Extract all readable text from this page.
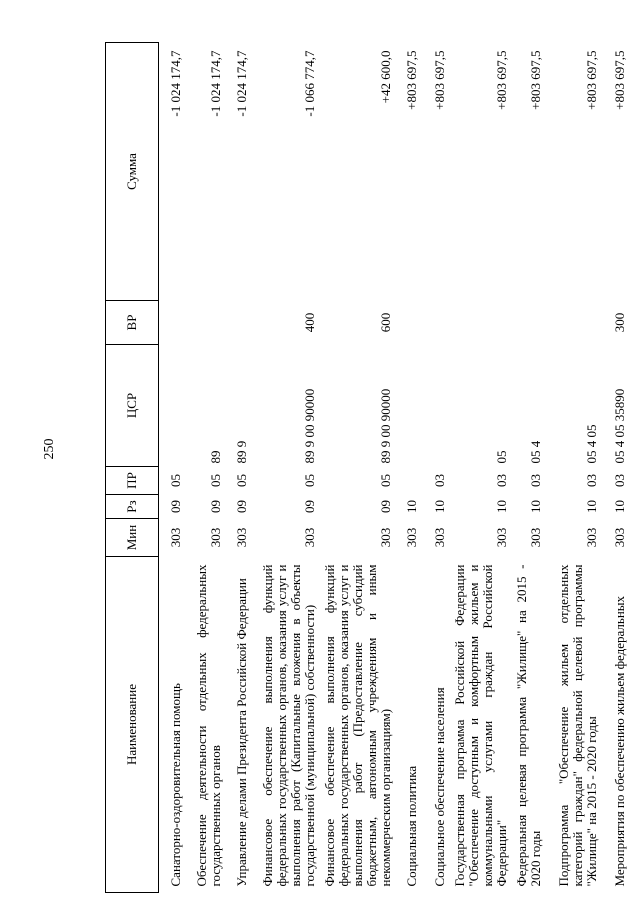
250
Наименование	Мин	Рз	ПР	ЦСР	ВР	Сумма
Санаторно-оздоровительная помощь	303	09	05			-1 024 174,7
Обеспечение деятельности отдельных федеральных государственных органов	303	09	05	89		-1 024 174,7
Управление делами Президента Российской Федерации	303	09	05	89 9		-1 024 174,7
Финансовое обеспечение выполнения функций федеральных государственных органов, оказания услуг и выполнения работ (Капитальные вложения в объекты государственной (муниципальной) собственности)	303	09	05	89 9 00 90000	400	-1 066 774,7
Финансовое обеспечение выполнения функций федеральных государственных органов, оказания услуг и выполнения работ (Предоставление субсидий бюджетным, автономным учреждениям и иным некоммерческим организациям)	303	09	05	89 9 00 90000	600	+42 600,0
Социальная политика	303	10				+803 697,5
Социальное обеспечение населения	303	10	03			+803 697,5
Государственная программа Российской Федерации "Обеспечение доступным и комфортным жильем и коммунальными услугами граждан Российской Федерации"	303	10	03	05		+803 697,5
Федеральная целевая программа "Жилище" на 2015 - 2020 годы	303	10	03	05 4		+803 697,5
Подпрограмма "Обеспечение жильем отдельных категорий граждан" федеральной целевой программы "Жилище" на 2015 - 2020 годы	303	10	03	05 4 05		+803 697,5
Мероприятия по обеспечению жильем федеральных	303	10	03	05 4 05 35890	300	+803 697,5
